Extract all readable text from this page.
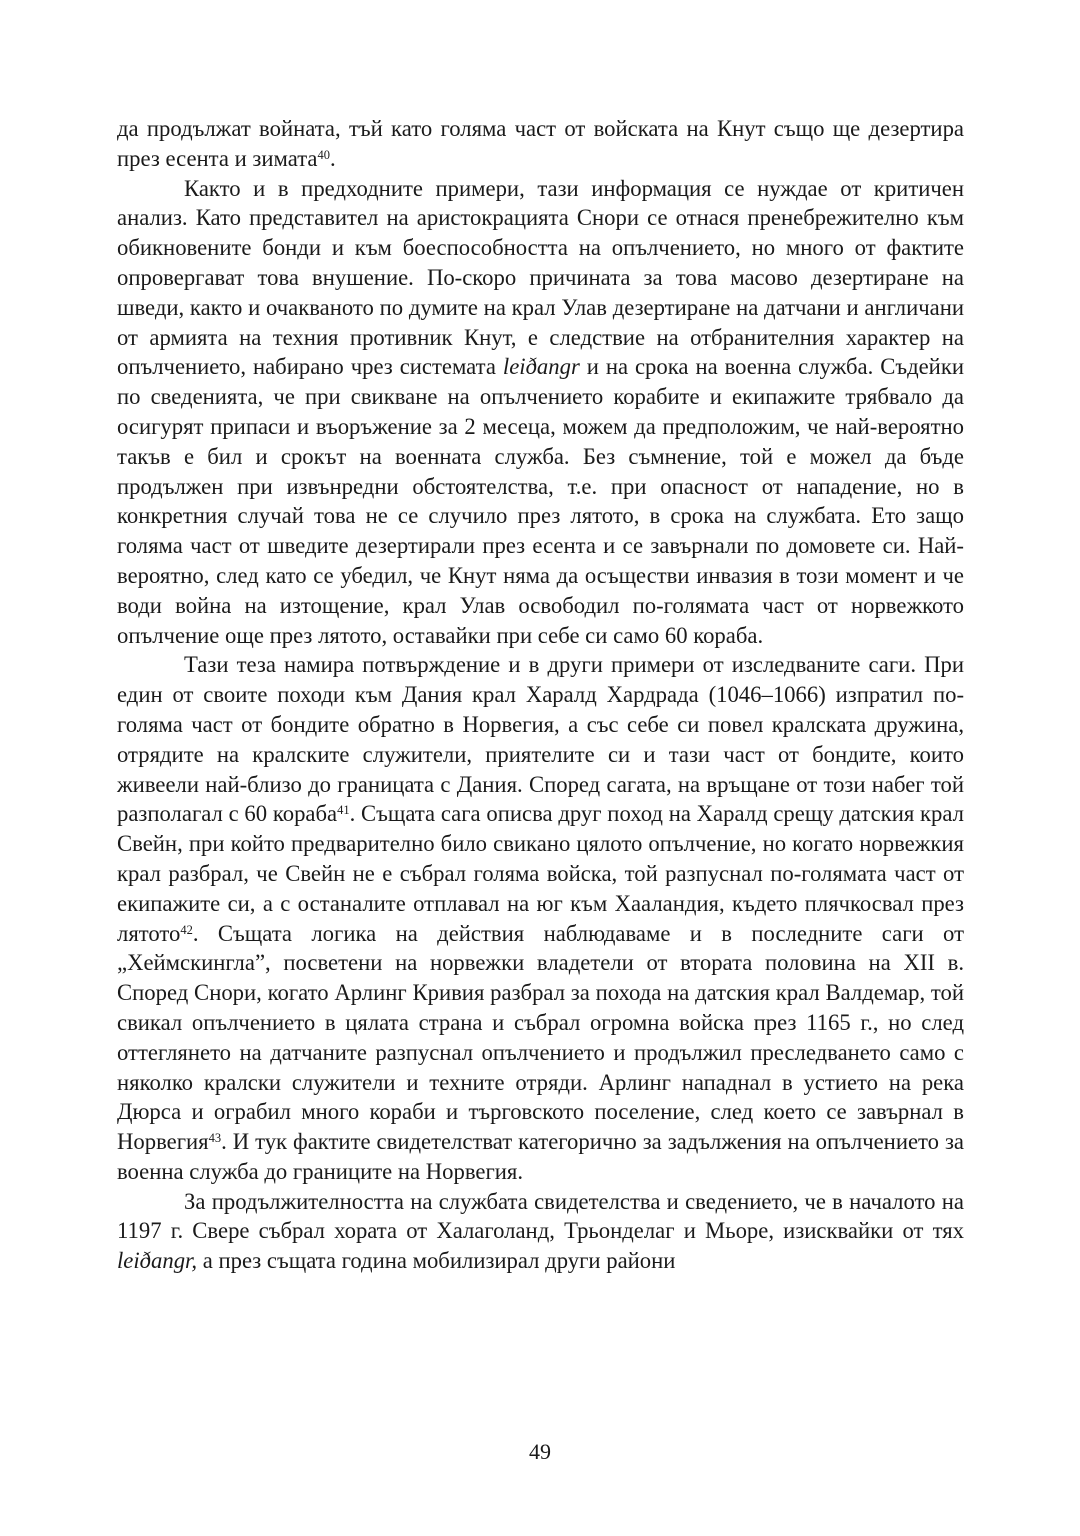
да продължат войната, тъй като голяма част от войската на Кнут също ще дезертира през есента и зимата$^{40}$.

Както и в предходните примери, тази информация се нуждае от критичен анализ. Като представител на аристокрацията Снори се отнася пренебрежително към обикновените бонди и към боеспособността на опълчението, но много от фактите опровергават това внушение. По-скоро причината за това масово дезертиране на шведи, както и очакваното по думите на крал Улав дезертиране на датчани и англичани от армията на техния противник Кнут, е следствие на отбранителния характер на опълчението, набирано чрез системата leiðangr и на срока на военна служба. Съдейки по сведенията, че при свикване на опълчението корабите и екипажите трябвало да осигурят припаси и въоръжение за 2 месеца, можем да предположим, че най-вероятно такъв е бил и срокът на военната служба. Без съмнение, той е можел да бъде продължен при извънредни обстоятелства, т.е. при опасност от нападение, но в конкретния случай това не се случило през лятото, в срока на службата. Ето защо голяма част от шведите дезертирали през есента и се завърнали по домовете си. Най-вероятно, след като се убедил, че Кнут няма да осъществи инвазия в този момент и че води война на изтощение, крал Улав освободил по-голямата част от норвежкото опълчение още през лятото, оставайки при себе си само 60 кораба.

Тази теза намира потвърждение и в други примери от изследваните саги. При един от своите походи към Дания крал Харалд Хардрада (1046–1066) изпратил по-голяма част от бондите обратно в Норвегия, а със себе си повел кралската дружина, отрядите на кралските служители, приятелите си и тази част от бондите, които живеели най-близо до границата с Дания. Според сагата, на връщане от този набег той разполагал с 60 кораба$^{41}$. Същата сага описва друг поход на Харалд срещу датския крал Свейн, при който предварително било свикано цялото опълчение, но когато норвежкия крал разбрал, че Свейн не е събрал голяма войска, той разпуснал по-голямата част от екипажите си, а с останалите отплавал на юг към Хааландия, където плячкосвал през лятото$^{42}$. Същата логика на действия наблюдаваме и в последните саги от „Хеймскингла”, посветени на норвежки владетели от втората половина на XII в. Според Снори, когато Арлинг Кривия разбрал за похода на датския крал Валдемар, той свикал опълчението в цялата страна и събрал огромна войска през 1165 г., но след оттеглянето на датчаните разпуснал опълчението и продължил преследването само с няколко кралски служители и техните отряди. Арлинг нападнал в устието на река Дюрса и ограбил много кораби и търговското поселение, след което се завърнал в Норвегия$^{43}$. И тук фактите свидетелстват категорично за задължения на опълчението за военна служба до границите на Норвегия.

За продължителността на службата свидетелства и сведението, че в началото на 1197 г. Свере събрал хората от Халаголанд, Трьонделаг и Мьоре, изисквайки от тях leiðangr, а през същата година мобилизирал други райони

49
